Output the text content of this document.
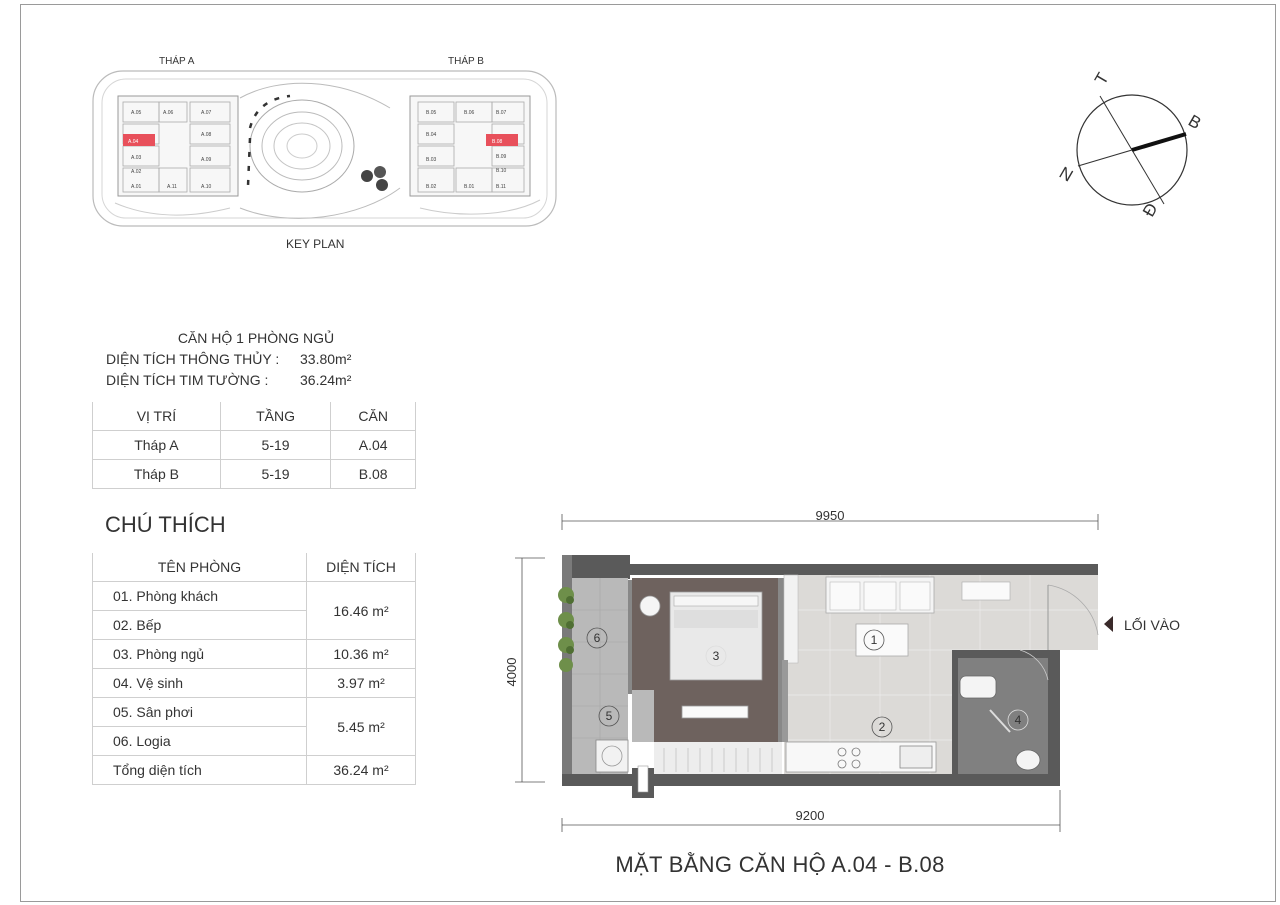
THÁP A	THÁP B
A.05	A.06	A.07
A.04
A.08
A.03	A.09
A.02
A.01	A.11	A.10
B.05	B.06	B.07
B.04
B.08
B.03	B.09
B.10
B.02	B.01	B.11
KEY PLAN
T
B
N
Đ
CĂN HỘ 1 PHÒNG NGỦ
DIỆN TÍCH THÔNG THỦY :	33.80m²
DIỆN TÍCH TIM TƯỜNG :	36.24m²
VỊ TRÍ	TẦNG	CĂN
Tháp A	5-19	A.04
Tháp B	5-19	B.08
CHÚ THÍCH
TÊN PHÒNG	DIỆN TÍCH
01. Phòng khách	16.46 m²
02. Bếp	
03. Phòng ngủ	10.36 m²
04. Vệ sinh	3.97 m²
05. Sân phơi	5.45 m²
06. Logia	
Tổng diện tích	36.24 m²
9950
9200
4000
LỐI VÀO
1
2
3
4
5
6
MẶT BẰNG CĂN HỘ A.04 - B.08
